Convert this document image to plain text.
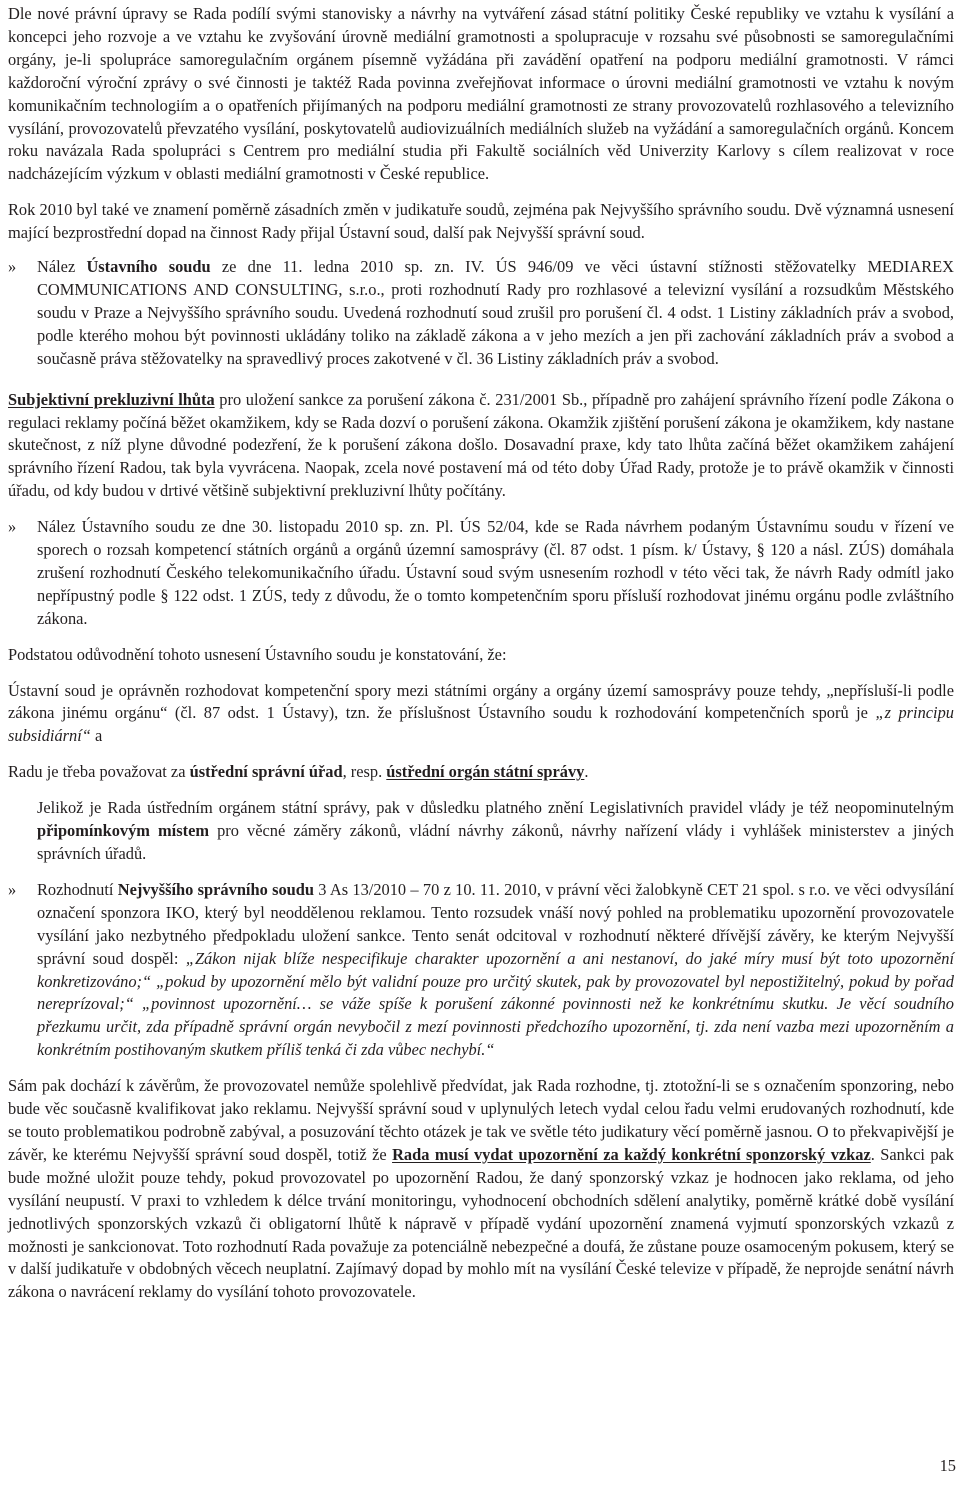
Dle nové právní úpravy se Rada podílí svými stanovisky a návrhy na vytváření zásad státní politiky České republiky ve vztahu k vysílání a koncepci jeho rozvoje a ve vztahu ke zvyšování úrovně mediální gramotnosti a spolupracuje v rozsahu své působnosti se samoregulačními orgány, je-li spolupráce samoregulačním orgánem písemně vyžádána při zavádění opatření na podporu mediální gramotnosti. V rámci každoroční výroční zprávy o své činnosti je taktéž Rada povinna zveřejňovat informace o úrovni mediální gramotnosti ve vztahu k novým komunikačním technologiím a o opatřeních přijímaných na podporu mediální gramotnosti ze strany provozovatelů rozhlasového a televizního vysílání, provozovatelů převzatého vysílání, poskytovatelů audiovizuálních mediálních služeb na vyžádání a samoregulačních orgánů. Koncem roku navázala Rada spolupráci s Centrem pro mediální studia při Fakultě sociálních věd Univerzity Karlovy s cílem realizovat v roce nadcházejícím výzkum v oblasti mediální gramotnosti v České republice.

Rok 2010 byl také ve znamení poměrně zásadních změn v judikatuře soudů, zejména pak Nejvyššího správního soudu. Dvě významná usnesení mající bezprostřední dopad na činnost Rady přijal Ústavní soud, další pak Nejvyšší správní soud.

» Nález Ústavního soudu ze dne 11. ledna 2010 sp. zn. IV. ÚS 946/09 ve věci ústavní stížnosti stěžovatelky MEDIAREX COMMUNICATIONS AND CONSULTING, s.r.o., proti rozhodnutí Rady pro rozhlasové a televizní vysílání a rozsudkům Městského soudu v Praze a Nejvyššího správního soudu. Uvedená rozhodnutí soud zrušil pro porušení čl. 4 odst. 1 Listiny základních práv a svobod, podle kterého mohou být povinnosti ukládány toliko na základě zákona a v jeho mezích a jen při zachování základních práv a svobod a současně práva stěžovatelky na spravedlivý proces zakotvené v čl. 36 Listiny základních práv a svobod.

Subjektivní prekluzivní lhůta pro uložení sankce za porušení zákona č. 231/2001 Sb., případně pro zahájení správního řízení podle Zákona o regulaci reklamy počíná běžet okamžikem, kdy se Rada dozví o porušení zákona. Okamžik zjištění porušení zákona je okamžikem, kdy nastane skutečnost, z níž plyne důvodné podezření, že k porušení zákona došlo. Dosavadní praxe, kdy tato lhůta začíná běžet okamžikem zahájení správního řízení Radou, tak byla vyvrácena. Naopak, zcela nové postavení má od této doby Úřad Rady, protože je to právě okamžik v činnosti úřadu, od kdy budou v drtivé většině subjektivní prekluzivní lhůty počítány.

» Nález Ústavního soudu ze dne 30. listopadu 2010 sp. zn. Pl. ÚS 52/04, kde se Rada návrhem podaným Ústavnímu soudu v řízení ve sporech o rozsah kompetencí státních orgánů a orgánů územní samosprávy (čl. 87 odst. 1 písm. k/ Ústavy, § 120 a násl. ZÚS) domáhala zrušení rozhodnutí Českého telekomunikačního úřadu. Ústavní soud svým usnesením rozhodl v této věci tak, že návrh Rady odmítl jako nepřípustný podle § 122 odst. 1 ZÚS, tedy z důvodu, že o tomto kompetenčním sporu přísluší rozhodovat jinému orgánu podle zvláštního zákona.

Podstatou odůvodnění tohoto usnesení Ústavního soudu je konstatování, že:

Ústavní soud je oprávněn rozhodovat kompetenční spory mezi státními orgány a orgány území samosprávy pouze tehdy, „nepřísluší-li podle zákona jinému orgánu“ (čl. 87 odst. 1 Ústavy), tzn. že příslušnost Ústavního soudu k rozhodování kompetenčních sporů je „z principu subsidiární“ a

Radu je třeba považovat za ústřední správní úřad, resp. ústřední orgán státní správy.

Jelikož je Rada ústředním orgánem státní správy, pak v důsledku platného znění Legislativních pravidel vlády je též neopominutelným připomínkovým místem pro věcné záměry zákonů, vládní návrhy zákonů, návrhy nařízení vlády i vyhlášek ministerstev a jiných správních úřadů.

» Rozhodnutí Nejvyššího správního soudu 3 As 13/2010 – 70 z 10. 11. 2010, v právní věci žalobkyně CET 21 spol. s r.o. ve věci odvysílání označení sponzora IKO, který byl neoddělenou reklamou. Tento rozsudek vnáší nový pohled na problematiku upozornění provozovatele vysílání jako nezbytného předpokladu uložení sankce. Tento senát odcitoval v rozhodnutí některé dřívější závěry, ke kterým Nejvyšší správní soud dospěl: „Zákon nijak blíže nespecifikuje charakter upozornění a ani nestanoví, do jaké míry musí být toto upozornění konkretizováno;“ „pokud by upozornění mělo být validní pouze pro určitý skutek, pak by provozovatel byl nepostižitelný, pokud by pořad nereprízoval;“ „povinnost upozornění… se váže spíše k porušení zákonné povinnosti než ke konkrétnímu skutku. Je věcí soudního přezkumu určit, zda případně správní orgán nevybočil z mezí povinnosti předchozího upozornění, tj. zda není vazba mezi upozorněním a konkrétním postihovaným skutkem příliš tenká či zda vůbec nechybí.“

Sám pak dochází k závěrům, že provozovatel nemůže spolehlivě předvídat, jak Rada rozhodne, tj. ztotožní-li se s označením sponzoring, nebo bude věc současně kvalifikovat jako reklamu. Nejvyšší správní soud v uplynulých letech vydal celou řadu velmi erudovaných rozhodnutí, kde se touto problematikou podrobně zabýval, a posuzování těchto otázek je tak ve světle této judikatury věcí poměrně jasnou. O to překvapivější je závěr, ke kterému Nejvyšší správní soud dospěl, totiž že Rada musí vydat upozornění za každý konkrétní sponzorský vzkaz. Sankci pak bude možné uložit pouze tehdy, pokud provozovatel po upozornění Radou, že daný sponzorský vzkaz je hodnocen jako reklama, od jeho vysílání neupustí. V praxi to vzhledem k délce trvání monitoringu, vyhodnocení obchodních sdělení analytiky, poměrně krátké době vysílání jednotlivých sponzorských vzkazů či obligatorní lhůtě k nápravě v případě vydání upozornění znamená vyjmutí sponzorských vzkazů z možnosti je sankcionovat. Toto rozhodnutí Rada považuje za potenciálně nebezpečné a doufá, že zůstane pouze osamoceným pokusem, který se v další judikatuře v obdobných věcech neuplatní. Zajímavý dopad by mohlo mít na vysílání České televize v případě, že neprojde senátní návrh zákona o navrácení reklamy do vysílání tohoto provozovatele.

15
